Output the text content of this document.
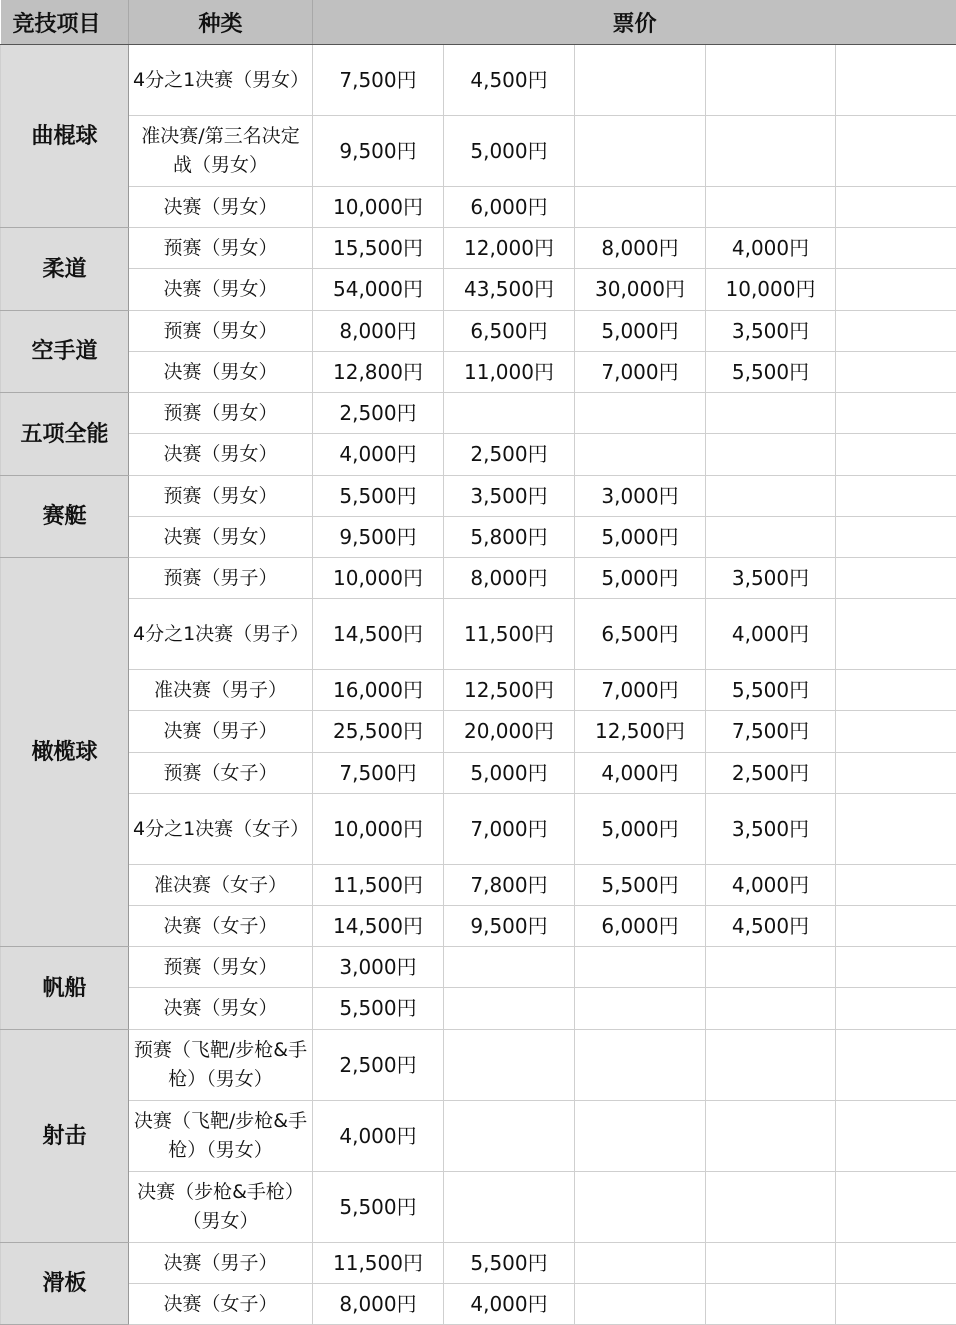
竞技项目	种类	票价				
曲棍球	4分之1决赛（男女）	7,500円	4,500円			
	准决赛/第三名决定战（男女）	9,500円	5,000円			
	决赛（男女）	10,000円	6,000円			
柔道	预赛（男女）	15,500円	12,000円	8,000円	4,000円	
	决赛（男女）	54,000円	43,500円	30,000円	10,000円	
空手道	预赛（男女）	8,000円	6,500円	5,000円	3,500円	
	决赛（男女）	12,800円	11,000円	7,000円	5,500円	
五项全能	预赛（男女）	2,500円				
	决赛（男女）	4,000円	2,500円			
赛艇	预赛（男女）	5,500円	3,500円	3,000円		
	决赛（男女）	9,500円	5,800円	5,000円		
橄榄球	预赛（男子）	10,000円	8,000円	5,000円	3,500円	
	4分之1决赛（男子）	14,500円	11,500円	6,500円	4,000円	
	准决赛（男子）	16,000円	12,500円	7,000円	5,500円	
	决赛（男子）	25,500円	20,000円	12,500円	7,500円	
	预赛（女子）	7,500円	5,000円	4,000円	2,500円	
	4分之1决赛（女子）	10,000円	7,000円	5,000円	3,500円	
	准决赛（女子）	11,500円	7,800円	5,500円	4,000円	
	决赛（女子）	14,500円	9,500円	6,000円	4,500円	
帆船	预赛（男女）	3,000円				
	决赛（男女）	5,500円				
射击	预赛（飞靶/步枪&手枪）（男女）	2,500円				
	决赛（飞靶/步枪&手枪）（男女）	4,000円				
	决赛（步枪&手枪）（男女）	5,500円				
滑板	决赛（男子）	11,500円	5,500円			
	决赛（女子）	8,000円	4,000円			
